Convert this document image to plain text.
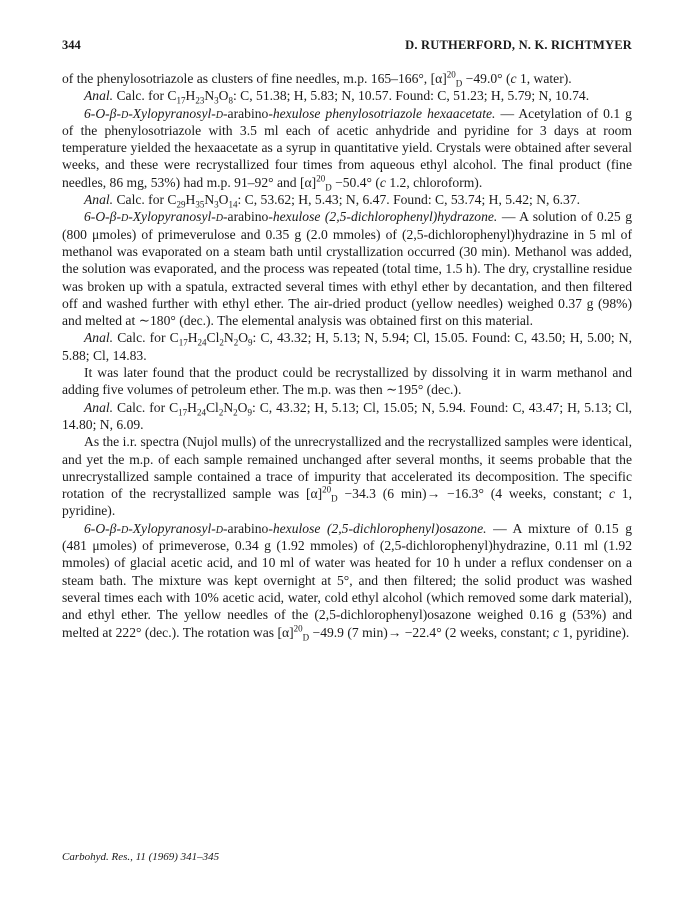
344	D. RUTHERFORD, N. K. RICHTMYER

of the phenylosotriazole as clusters of fine needles, m.p. 165–166°, $[\alpha]^{20}_D -49.0^\circ$ (c 1, water).

Anal. Calc. for $C_{17}H_{23}N_3O_8$: C, 51.38; H, 5.83; N, 10.57. Found: C, 51.23; H, 5.79; N, 10.74.

6-O-β-d-Xylopyranosyl-d-arabino-hexulose phenylosotriazole hexaacetate. — Acetylation of 0.1 g of the phenylosotriazole with 3.5 ml each of acetic anhydride and pyridine for 3 days at room temperature yielded the hexaacetate as a syrup in quantitative yield. Crystals were obtained after several weeks, and these were recrystallized four times from aqueous ethyl alcohol. The final product (fine needles, 86 mg, 53%) had m.p. 91–92° and $[\alpha]^{20}_D -50.4^\circ$ (c 1.2, chloroform).

Anal. Calc. for $C_{29}H_{35}N_3O_{14}$: C, 53.62; H, 5.43; N, 6.47. Found: C, 53.74; H, 5.42; N, 6.37.

6-O-β-d-Xylopyranosyl-d-arabino-hexulose (2,5-dichlorophenyl)hydrazone. — A solution of 0.25 g (800 μmoles) of primeverulose and 0.35 g (2.0 mmoles) of (2,5-dichlorophenyl)hydrazine in 5 ml of methanol was evaporated on a steam bath until crystallization occurred (30 min). Methanol was added, the solution was evaporated, and the process was repeated (total time, 1.5 h). The dry, crystalline residue was broken up with a spatula, extracted several times with ethyl ether by decantation, and then filtered off and washed further with ethyl ether. The air-dried product (yellow needles) weighed 0.37 g (98%) and melted at ∼180° (dec.). The elemental analysis was obtained first on this material.

Anal. Calc. for $C_{17}H_{24}Cl_2N_2O_9$: C, 43.32; H, 5.13; N, 5.94; Cl, 15.05. Found: C, 43.50; H, 5.00; N, 5.88; Cl, 14.83.

It was later found that the product could be recrystallized by dissolving it in warm methanol and adding five volumes of petroleum ether. The m.p. was then ∼195° (dec.).

Anal. Calc. for $C_{17}H_{24}Cl_2N_2O_9$: C, 43.32; H, 5.13; Cl, 15.05; N, 5.94. Found: C, 43.47; H, 5.13; Cl, 14.80; N, 6.09.

As the i.r. spectra (Nujol mulls) of the unrecrystallized and the recrystallized samples were identical, and yet the m.p. of each sample remained unchanged after several months, it seems probable that the unrecrystallized sample contained a trace of impurity that accelerated its decomposition. The specific rotation of the recrystallized sample was $[\alpha]^{20}_D -34.3$ (6 min)→ −16.3° (4 weeks, constant; c 1, pyridine).

6-O-β-d-Xylopyranosyl-d-arabino-hexulose (2,5-dichlorophenyl)osazone. — A mixture of 0.15 g (481 μmoles) of primeverose, 0.34 g (1.92 mmoles) of (2,5-dichlorophenyl)hydrazine, 0.11 ml (1.92 mmoles) of glacial acetic acid, and 10 ml of water was heated for 10 h under a reflux condenser on a steam bath. The mixture was kept overnight at 5°, and then filtered; the solid product was washed several times each with 10% acetic acid, water, cold ethyl alcohol (which removed some dark material), and ethyl ether. The yellow needles of the (2,5-dichlorophenyl)osazone weighed 0.16 g (53%) and melted at 222° (dec.). The rotation was $[\alpha]^{20}_D -49.9$ (7 min)→ −22.4° (2 weeks, constant; c 1, pyridine).

Carbohyd. Res., 11 (1969) 341–345
